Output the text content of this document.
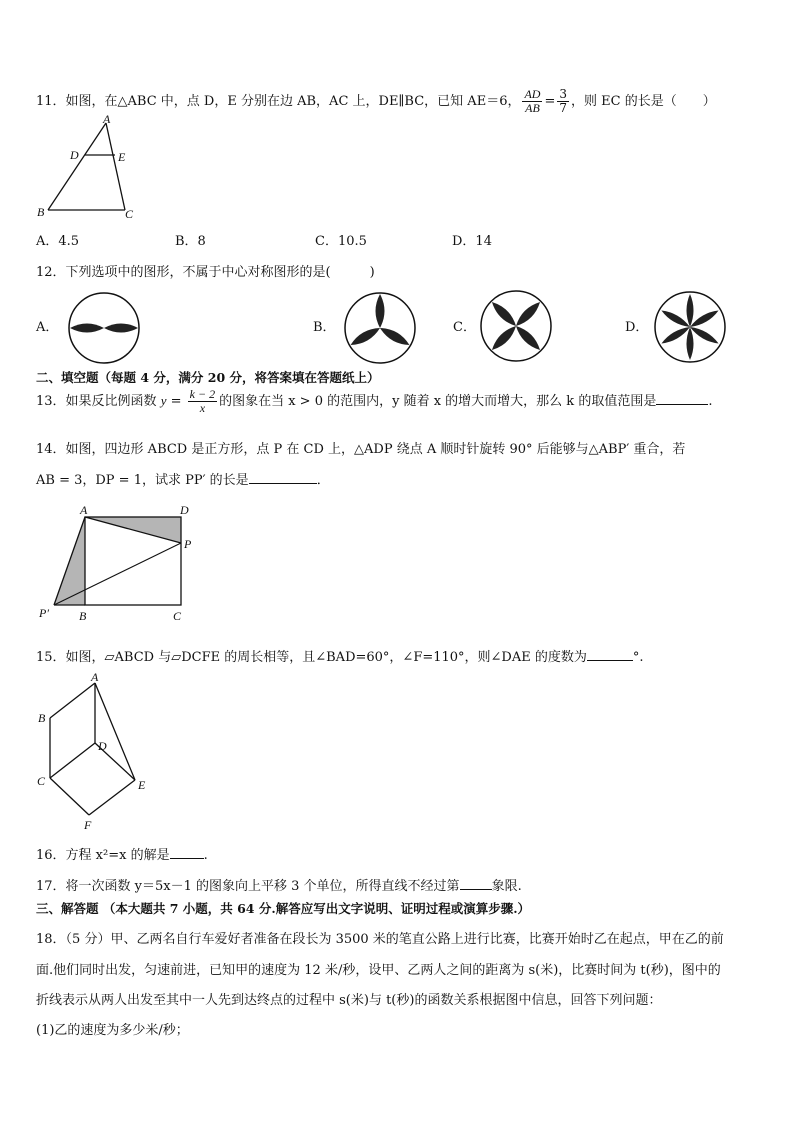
11．如图，在△ABC 中，点 D，E 分别在边 AB，AC 上，DE∥BC，已知 AE＝6， $\frac{AD}{AB} = \frac{3}{7}$ ，则 EC 的长是（　　）
A
D	E
B	C
A．4.5	B．8	C．10.5	D．14
12．下列选项中的图形，不属于中心对称图形的是(　　　)
A．	B．	C．	D．
二、填空题（每题 4 分，满分 20 分，将答案填在答题纸上）
13．如果反比例函数 $y = \frac{k - 2}{x}$ 的图象在当 x > 0 的范围内，y 随着 x 的增大而增大，那么 k 的取值范围是	.
14．如图，四边形 ABCD 是正方形，点 P 在 CD 上，△ADP 绕点 A 顺时针旋转 90° 后能够与△ABP′ 重合，若
AB = 3，DP = 1，试求 PP′ 的长是	．
A	D
P
P′	B	C
15．如图，▱ABCD 与▱DCFE 的周长相等，且∠BAD=60°，∠F=110°，则∠DAE 的度数为	°.
A
B
D
C	E
F
16．方程 x²=x 的解是	.
17．将一次函数 y＝5x－1 的图象向上平移 3 个单位，所得直线不经过第 象限.
三、解答题 （本大题共 7 小题，共 64 分.解答应写出文字说明、证明过程或演算步骤.）
18．（5 分）甲、乙两名自行车爱好者准备在段长为 3500 米的笔直公路上进行比赛，比赛开始时乙在起点，甲在乙的前
面.他们同时出发，匀速前进，已知甲的速度为 12 米/秒，设甲、乙两人之间的距离为 s(米)，比赛时间为 t(秒)，图中的
折线表示从两人出发至其中一人先到达终点的过程中 s(米)与 t(秒)的函数关系根据图中信息，回答下列问题：
(1)乙的速度为多少米/秒；
